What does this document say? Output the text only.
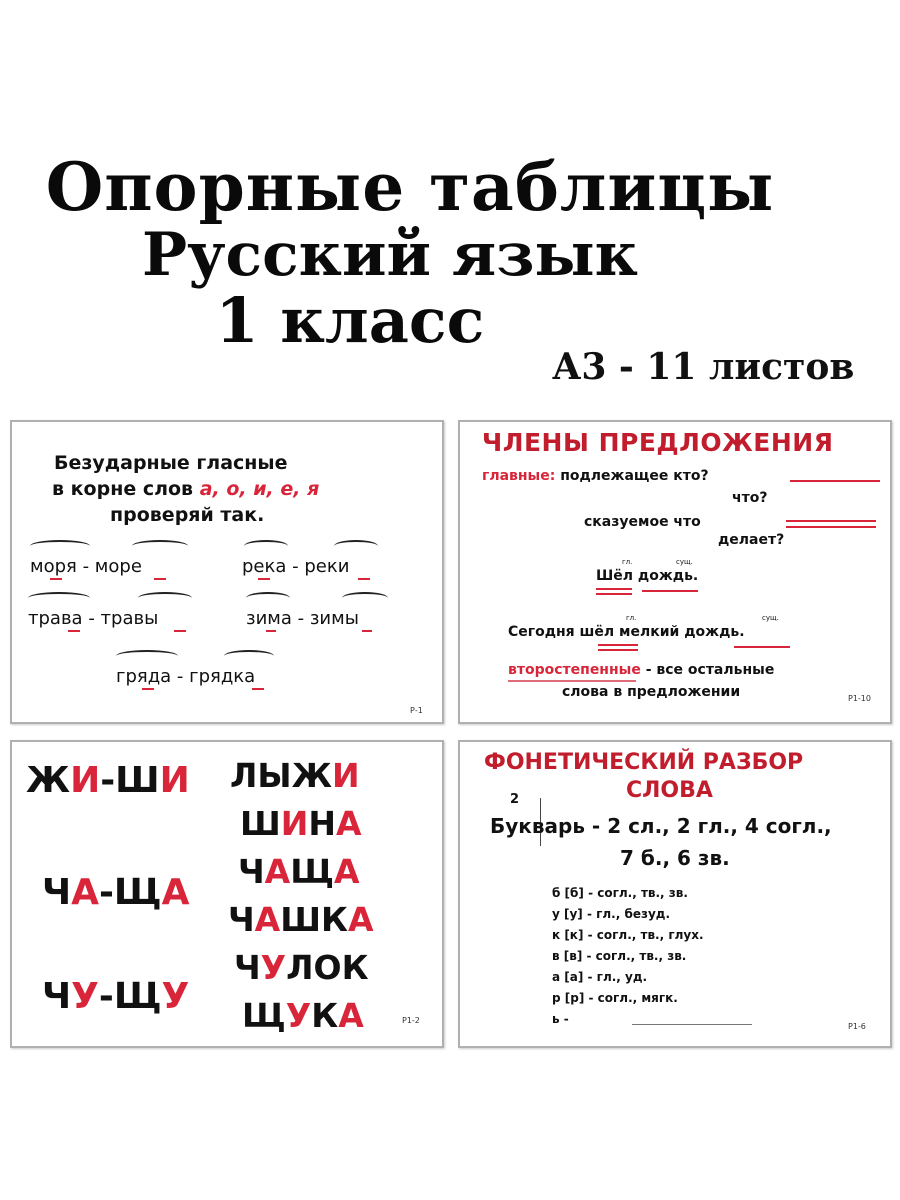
Опорные таблицы
Русский язык
1 класс
А3 - 11 листов
Безударные гласные
в корне слов а, о, и, е, я
проверяй так.
моря - море	река - реки
трава - травы	зима - зимы
гряда - грядка
Р-1
ЧЛЕНЫ ПРЕДЛОЖЕНИЯ
главные: подлежащее кто?
что?
сказуемое что
делает?
гл.	сущ.
Шёл дождь.
гл.	сущ.
Сегодня шёл мелкий дождь.
второстепенные - все остальные
слова в предложении	Р1-10
ЖИ-ШИ
ЧА-ЩА
ЧУ-ЩУ
ЛЫЖИ
ШИНА
ЧАЩА
ЧАШКА
ЧУЛОК
ЩУКА	Р1-2
ФОНЕТИЧЕСКИЙ РАЗБОР
СЛОВА
2
Букварь - 2 сл., 2 гл., 4 согл.,
7 б., 6 зв.
б [б] - согл., тв., зв.
у [у] - гл., безуд.
к [к] - согл., тв., глух.
в [в] - согл., тв., зв.
а [а] - гл., уд.
р [р] - согл., мягк.
ь -
Р1-6
